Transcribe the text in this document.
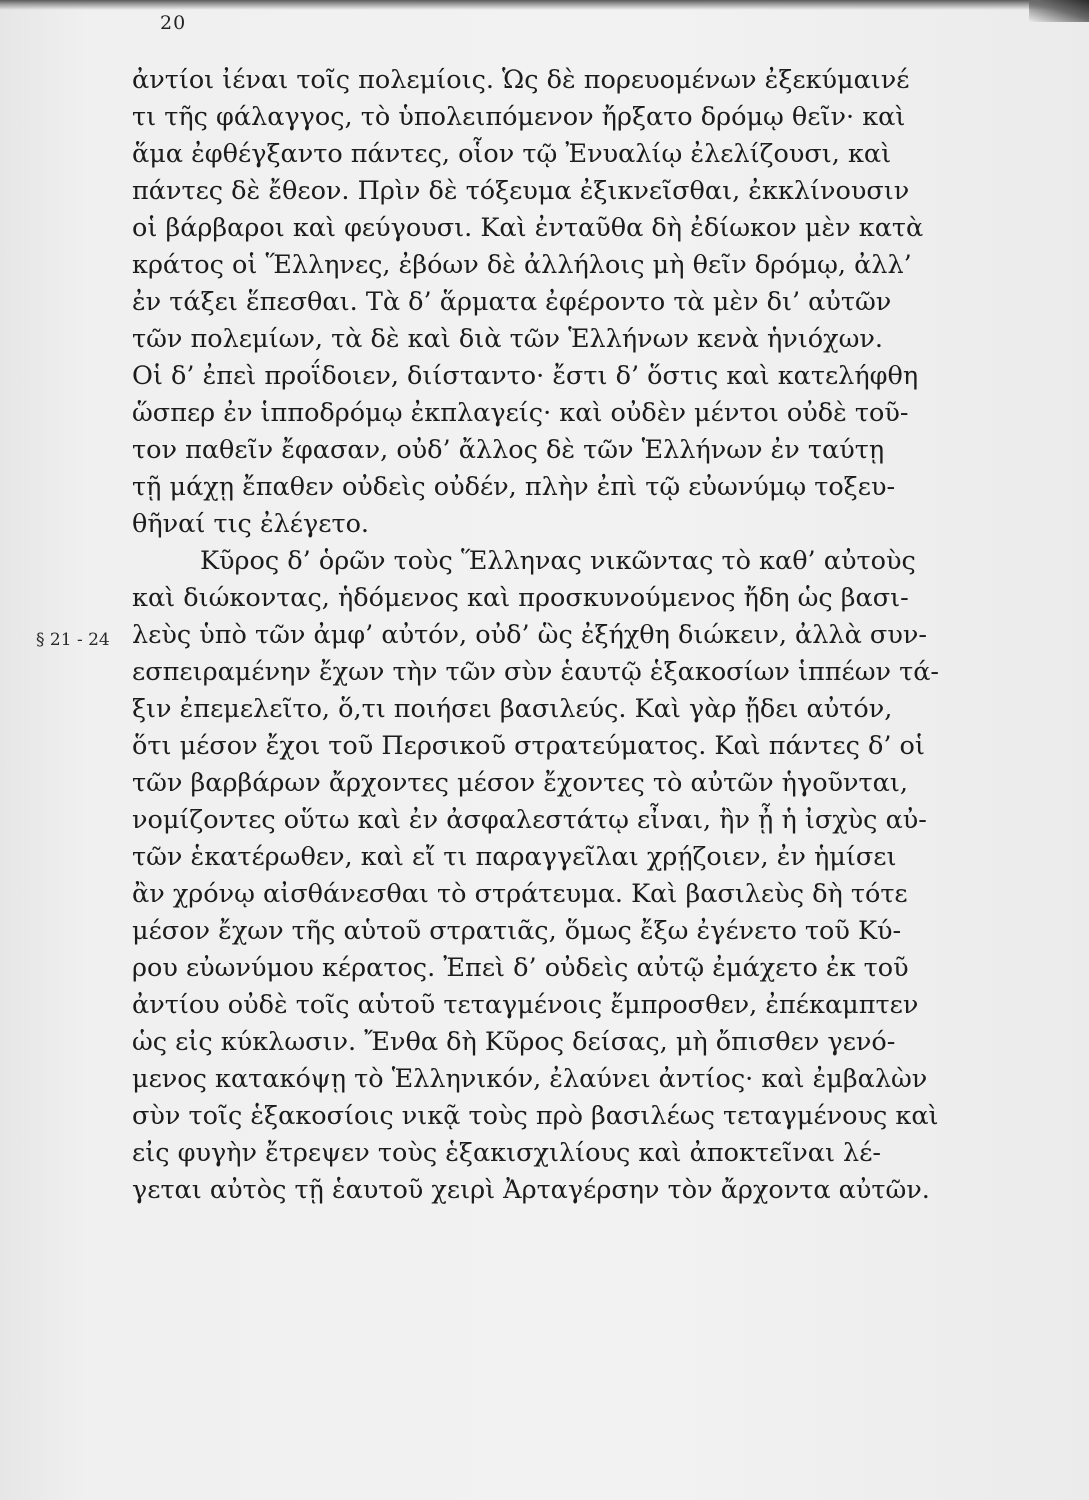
20
§ 21 - 24
ἀντίοι ἰέναι τοῖς πολεμίοις. Ὡς δὲ πορευομένων ἐξεκύμαινέ
τι τῆς φάλαγγος, τὸ ὑπολειπόμενον ἤρξατο δρόμῳ θεῖν· καὶ
ἅμα ἐφθέγξαντο πάντες, οἷον τῷ Ἐνυαλίῳ ἐλελίζουσι, καὶ
πάντες δὲ ἔθεον. Πρὶν δὲ τόξευμα ἐξικνεῖσθαι, ἐκκλίνουσιν
οἱ βάρβαροι καὶ φεύγουσι. Καὶ ἐνταῦθα δὴ ἐδίωκον μὲν κατὰ
κράτος οἱ Ἕλληνες, ἐβόων δὲ ἀλλήλοις μὴ θεῖν δρόμῳ, ἀλλ’
ἐν τάξει ἕπεσθαι. Τὰ δ’ ἅρματα ἐφέροντο τὰ μὲν δι’ αὐτῶν
τῶν πολεμίων, τὰ δὲ καὶ διὰ τῶν Ἑλλήνων κενὰ ἡνιόχων.
Οἱ δ’ ἐπεὶ προΐδοιεν, διίσταντο· ἔστι δ’ ὅστις καὶ κατελήφθη
ὥσπερ ἐν ἱπποδρόμῳ ἐκπλαγείς· καὶ οὐδὲν μέντοι οὐδὲ τοῦ-
τον παθεῖν ἔφασαν, οὐδ’ ἄλλος δὲ τῶν Ἑλλήνων ἐν ταύτῃ
τῇ μάχῃ ἔπαθεν οὐδεὶς οὐδέν, πλὴν ἐπὶ τῷ εὐωνύμῳ τοξευ-
θῆναί τις ἐλέγετο.
Κῦρος δ’ ὁρῶν τοὺς Ἕλληνας νικῶντας τὸ καθ’ αὐτοὺς
καὶ διώκοντας, ἡδόμενος καὶ προσκυνούμενος ἤδη ὡς βασι-
λεὺς ὑπὸ τῶν ἀμφ’ αὐτόν, οὐδ’ ὣς ἐξήχθη διώκειν, ἀλλὰ συν-
εσπειραμένην ἔχων τὴν τῶν σὺν ἑαυτῷ ἑξακοσίων ἱππέων τά-
ξιν ἐπεμελεῖτο, ὅ,τι ποιήσει βασιλεύς. Καὶ γὰρ ᾔδει αὐτόν,
ὅτι μέσον ἔχοι τοῦ Περσικοῦ στρατεύματος. Καὶ πάντες δ’ οἱ
τῶν βαρβάρων ἄρχοντες μέσον ἔχοντες τὸ αὐτῶν ἡγοῦνται,
νομίζοντες οὕτω καὶ ἐν ἀσφαλεστάτῳ εἶναι, ἢν ᾖ ἡ ἰσχὺς αὐ-
τῶν ἑκατέρωθεν, καὶ εἴ τι παραγγεῖλαι χρῄζοιεν, ἐν ἡμίσει
ἂν χρόνῳ αἰσθάνεσθαι τὸ στράτευμα. Καὶ βασιλεὺς δὴ τότε
μέσον ἔχων τῆς αὑτοῦ στρατιᾶς, ὅμως ἔξω ἐγένετο τοῦ Κύ-
ρου εὐωνύμου κέρατος. Ἐπεὶ δ’ οὐδεὶς αὐτῷ ἐμάχετο ἐκ τοῦ
ἀντίου οὐδὲ τοῖς αὑτοῦ τεταγμένοις ἔμπροσθεν, ἐπέκαμπτεν
ὡς εἰς κύκλωσιν. Ἔνθα δὴ Κῦρος δείσας, μὴ ὄπισθεν γενό-
μενος κατακόψῃ τὸ Ἑλληνικόν, ἐλαύνει ἀντίος· καὶ ἐμβαλὼν
σὺν τοῖς ἑξακοσίοις νικᾷ τοὺς πρὸ βασιλέως τεταγμένους καὶ
εἰς φυγὴν ἔτρεψεν τοὺς ἑξακισχιλίους καὶ ἀποκτεῖναι λέ-
γεται αὐτὸς τῇ ἑαυτοῦ χειρὶ Ἀρταγέρσην τὸν ἄρχοντα αὐτῶν.
